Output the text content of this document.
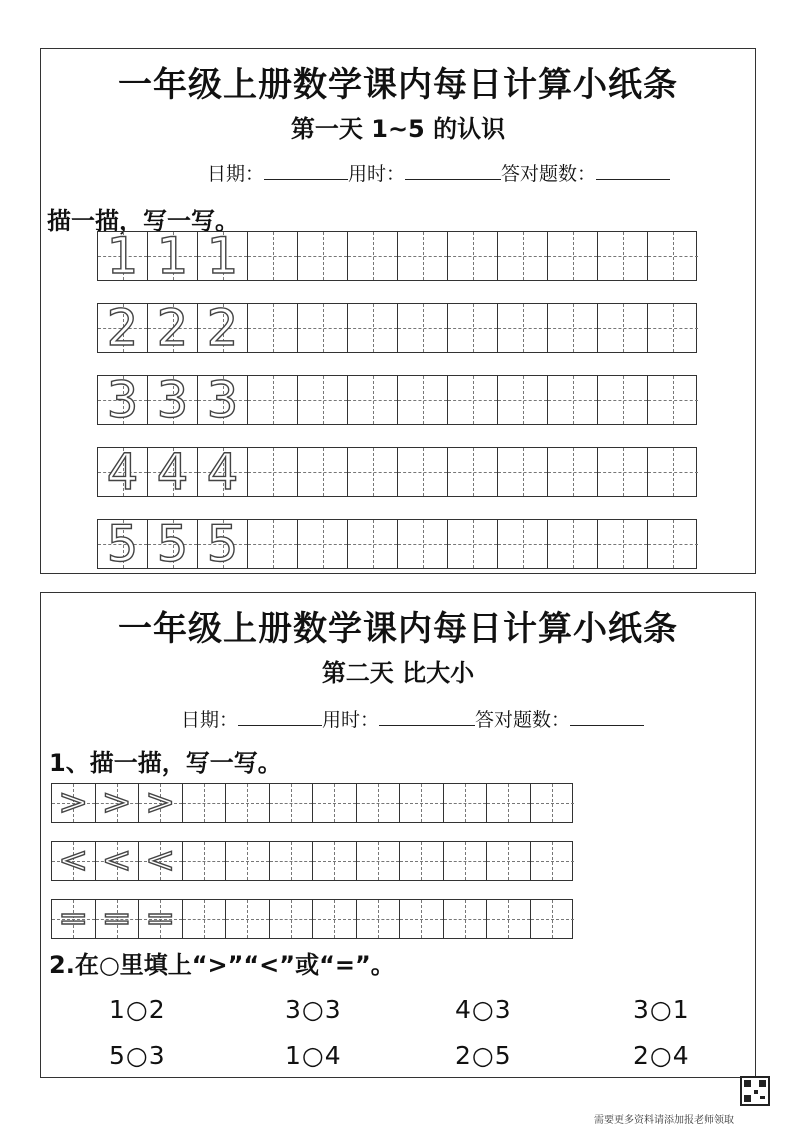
一年级上册数学课内每日计算小纸条
第一天 1~5 的认识
日期：	用时：	答对题数：
描一描，写一写。
1 1 1
2 2 2
3 3 3
4 4 4
5 5 5
一年级上册数学课内每日计算小纸条
第二天 比大小
日期：	用时：	答对题数：
1、描一描，写一写。
> > >
< < <
= = =
2.在○里填上“>”“<”或“=”。
1○2	3○3	4○3	3○1
5○3	1○4	2○5	2○4
需要更多资料请添加报老师领取
